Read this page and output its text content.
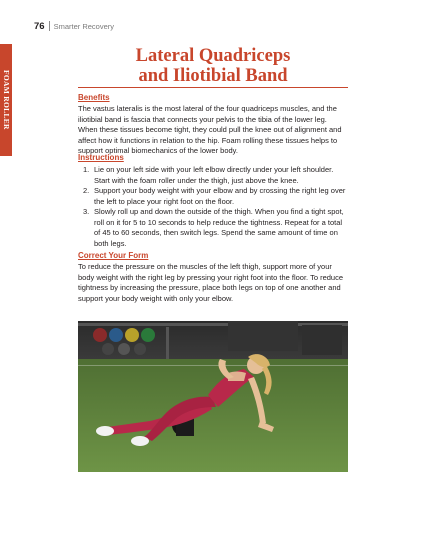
76 Smarter Recovery
FOAM ROLLER
Lateral Quadriceps
and Iliotibial Band
Benefits

The vastus lateralis is the most lateral of the four quadriceps muscles, and the iliotibial band is fascia that connects your pelvis to the tibia of the lower leg. When these tissues become tight, they could pull the knee out of alignment and affect how it functions in relation to the hip. Foam rolling these tissues helps to support optimal biomechanics of the lower body.

Instructions
1. Lie on your left side with your left elbow directly under your left shoulder. Start with the foam roller under the thigh, just above the knee.
2. Support your body weight with your elbow and by crossing the right leg over the left to place your right foot on the floor.
3. Slowly roll up and down the outside of the thigh. When you find a tight spot, roll on it for 5 to 10 seconds to help reduce the tightness. Repeat for a total of 45 to 60 seconds, then switch legs. Spend the same amount of time on both legs.
Correct Your Form

To reduce the pressure on the muscles of the left thigh, support more of your body weight with the right leg by pressing your right foot into the floor. To reduce tightness by increasing the pressure, place both legs on top of one another and support your body weight with only your elbow.
